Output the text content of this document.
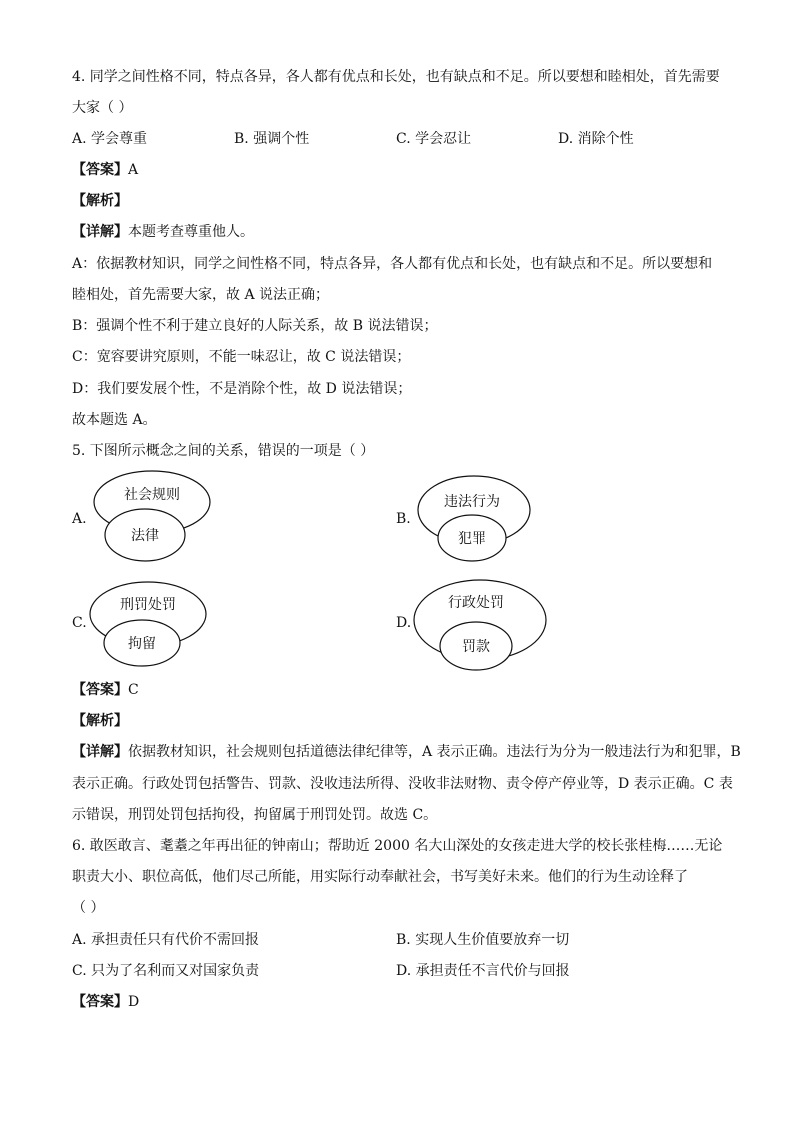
4. 同学之间性格不同，特点各异，各人都有优点和长处，也有缺点和不足。所以要想和睦相处，首先需要
大家（ ）
A. 学会尊重	B. 强调个性	C. 学会忍让	D. 消除个性
【答案】A
【解析】
【详解】本题考查尊重他人。
A：依据教材知识，同学之间性格不同，特点各异，各人都有优点和长处，也有缺点和不足。所以要想和
睦相处，首先需要大家，故 A 说法正确；
B：强调个性不利于建立良好的人际关系，故 B 说法错误；
C：宽容要讲究原则，不能一味忍让，故 C 说法错误；
D：我们要发展个性，不是消除个性，故 D 说法错误；
故本题选 A。
5. 下图所示概念之间的关系，错误的一项是（ ）
A.
社会规则
法律
B.
违法行为
犯罪
C.
刑罚处罚
拘留
D.
行政处罚
罚款
【答案】C
【解析】
【详解】依据教材知识，社会规则包括道德法律纪律等，A 表示正确。违法行为分为一般违法行为和犯罪，B
表示正确。行政处罚包括警告、罚款、没收违法所得、没收非法财物、责令停产停业等，D 表示正确。C 表
示错误，刑罚处罚包括拘役，拘留属于刑罚处罚。故选 C。
6. 敢医敢言、耄耋之年再出征的钟南山；帮助近 2000 名大山深处的女孩走进大学的校长张桂梅……无论
职责大小、职位高低，他们尽己所能，用实际行动奉献社会，书写美好未来。他们的行为生动诠释了
（ ）
A. 承担责任只有代价不需回报	B. 实现人生价值要放弃一切
C. 只为了名利而又对国家负责	D. 承担责任不言代价与回报
【答案】D
